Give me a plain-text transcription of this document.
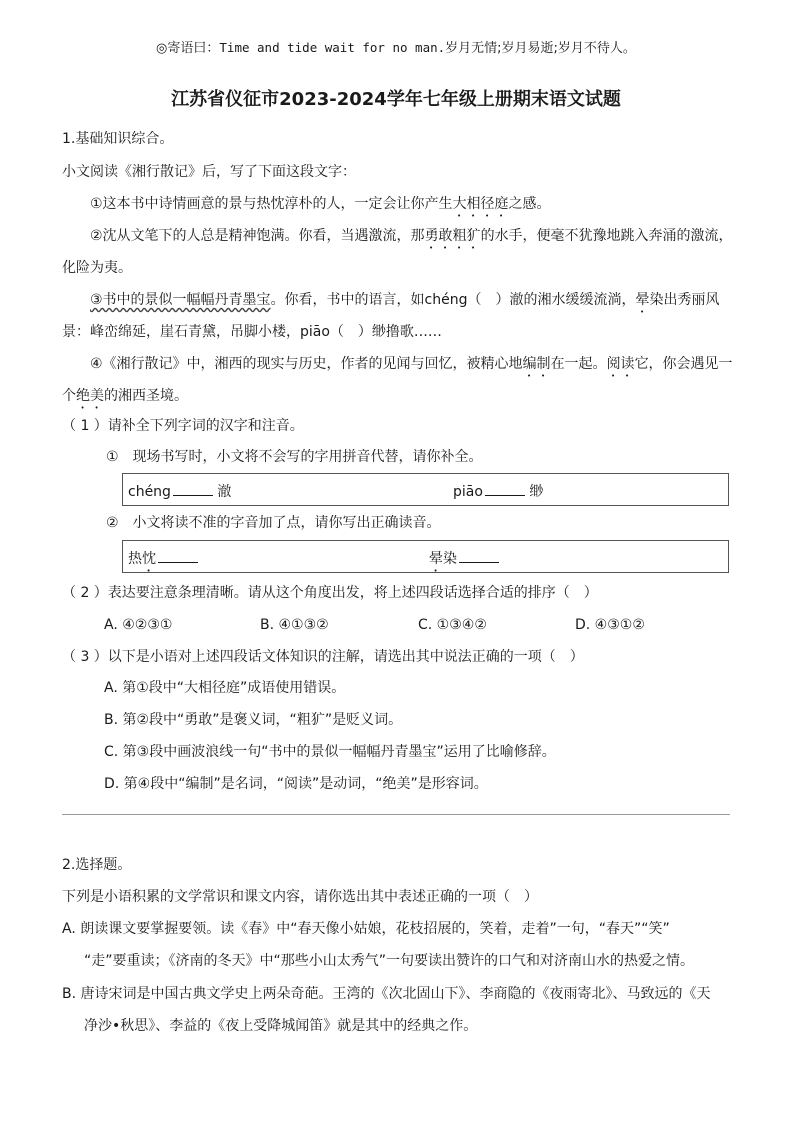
◎寄语曰：Time and tide wait for no man.岁月无情;岁月易逝;岁月不待人。
江苏省仪征市2023-2024学年七年级上册期末语文试题
1.基础知识综合。
小文阅读《湘行散记》后，写了下面这段文字：
①这本书中诗情画意的景与热忱淳朴的人，一定会让你产生大相径庭之感。
②沈从文笔下的人总是精神饱满。你看，当遇激流，那勇敢粗犷的水手，便毫不犹豫地跳入奔涌的激流，
化险为夷。
③书中的景似一幅幅丹青墨宝。你看，书中的语言，如chéng（　）澈的湘水缓缓流淌，晕染出秀丽风
景：峰峦绵延，崖石青黛，吊脚小楼，piāo（　）缈撸歌……
④《湘行散记》中，湘西的现实与历史，作者的见闻与回忆，被精心地编制在一起。阅读它，你会遇见一
个绝美的湘西圣境。
（ 1 ）请补全下列字词的汉字和注音。
①　现场书写时，小文将不会写的字用拼音代替，请你补全。
chéng	澈	piāo	缈
②　小文将读不准的字音加了点，请你写出正确读音。
热忱	晕染
（ 2 ）表达要注意条理清晰。请从这个角度出发，将上述四段话选择合适的排序（　）
A. ④②③①	B. ④①③②	C. ①③④②	D. ④③①②
（ 3 ）以下是小语对上述四段话文体知识的注解，请选出其中说法正确的一项（　）
A. 第①段中“大相径庭”成语使用错误。
B. 第②段中“勇敢”是褒义词，“粗犷”是贬义词。
C. 第③段中画波浪线一句“书中的景似一幅幅丹青墨宝”运用了比喻修辞。
D. 第④段中“编制”是名词，“阅读”是动词，“绝美”是形容词。
2.选择题。
下列是小语积累的文学常识和课文内容，请你选出其中表述正确的一项（　）
A. 朗读课文要掌握要领。读《春》中“春天像小姑娘，花枝招展的，笑着，走着”一句，“春天”“笑”
“走”要重读；《济南的冬天》中“那些小山太秀气”一句要读出赞许的口气和对济南山水的热爱之情。
B. 唐诗宋词是中国古典文学史上两朵奇葩。王湾的《次北固山下》、李商隐的《夜雨寄北》、马致远的《天
净沙•秋思》、李益的《夜上受降城闻笛》就是其中的经典之作。
